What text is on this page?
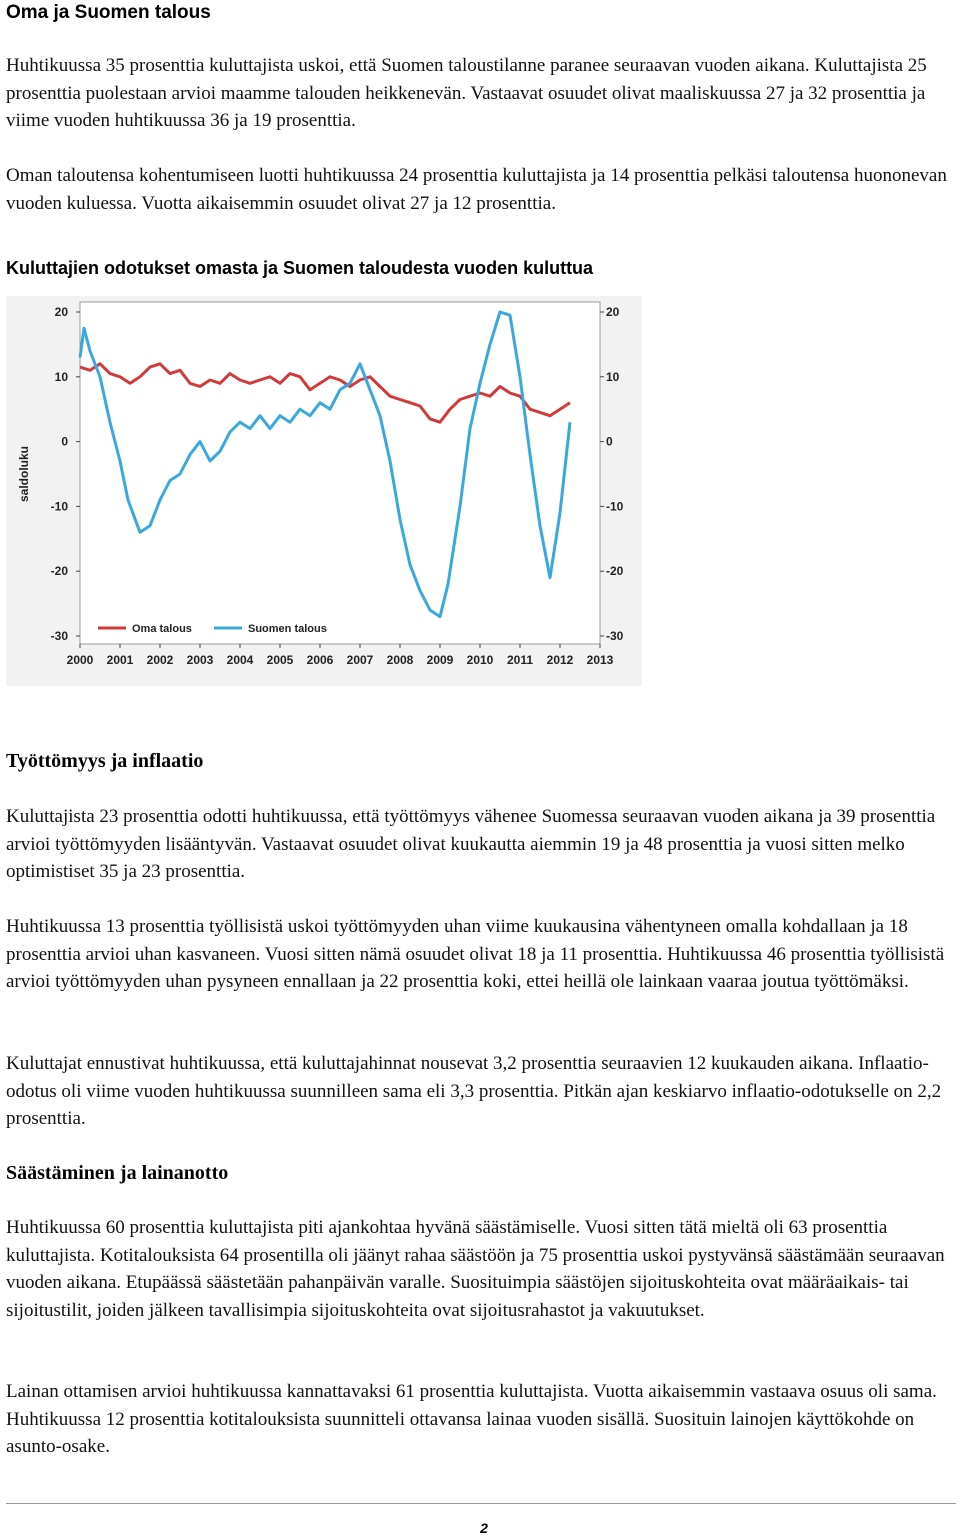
Oma ja Suomen talous

Huhtikuussa 35 prosenttia kuluttajista uskoi, että Suomen taloustilanne paranee seuraavan vuoden aikana. Kuluttajista 25 prosenttia puolestaan arvioi maamme talouden heikkenevän. Vastaavat osuudet olivat maaliskuussa 27 ja 32 prosenttia ja viime vuoden huhtikuussa 36 ja 19 prosenttia.

Oman taloutensa kohentumiseen luotti huhtikuussa 24 prosenttia kuluttajista ja 14 prosenttia pelkäsi taloutensa huononevan vuoden kuluessa. Vuotta aikaisemmin osuudet olivat 27 ja 12 prosenttia.

Kuluttajien odotukset omasta ja Suomen taloudesta vuoden kuluttua
20	20
10	10
0	0
-10	-10
-20	-20
-30	-30
2000 2001 2002 2003 2004 2005 2006 2007 2008 2009 2010 2011 2012 2013
saldoluku
Oma talous	Suomen talous
Työttömyys ja inflaatio

Kuluttajista 23 prosenttia odotti huhtikuussa, että työttömyys vähenee Suomessa seuraavan vuoden aikana ja 39 prosenttia arvioi työttömyyden lisääntyvän. Vastaavat osuudet olivat kuukautta aiemmin 19 ja 48 prosenttia ja vuosi sitten melko optimistiset 35 ja 23 prosenttia.

Huhtikuussa 13 prosenttia työllisistä uskoi työttömyyden uhan viime kuukausina vähentyneen omalla kohdallaan ja 18 prosenttia arvioi uhan kasvaneen. Vuosi sitten nämä osuudet olivat 18 ja 11 prosenttia. Huhtikuussa 46 prosenttia työllisistä arvioi työttömyyden uhan pysyneen ennallaan ja 22 prosenttia koki, ettei heillä ole lainkaan vaaraa joutua työttömäksi.

Kuluttajat ennustivat huhtikuussa, että kuluttajahinnat nousevat 3,2 prosenttia seuraavien 12 kuukauden aikana. Inflaatio-odotus oli viime vuoden huhtikuussa suunnilleen sama eli 3,3 prosenttia. Pitkän ajan keskiarvo inflaatio-odotukselle on 2,2 prosenttia.

Säästäminen ja lainanotto

Huhtikuussa 60 prosenttia kuluttajista piti ajankohtaa hyvänä säästämiselle. Vuosi sitten tätä mieltä oli 63 prosenttia kuluttajista. Kotitalouksista 64 prosentilla oli jäänyt rahaa säästöön ja 75 prosenttia uskoi pystyvänsä säästämään seuraavan vuoden aikana. Etupäässä säästetään pahanpäivän varalle. Suosituimpia säästöjen sijoituskohteita ovat määräaikais- tai sijoitustilit, joiden jälkeen tavallisimpia sijoituskohteita ovat sijoitusrahastot ja vakuutukset.

Lainan ottamisen arvioi huhtikuussa kannattavaksi 61 prosenttia kuluttajista. Vuotta aikaisemmin vastaava osuus oli sama. Huhtikuussa 12 prosenttia kotitalouksista suunnitteli ottavansa lainaa vuoden sisällä. Suosituin lainojen käyttökohde on asunto-osake.

2
